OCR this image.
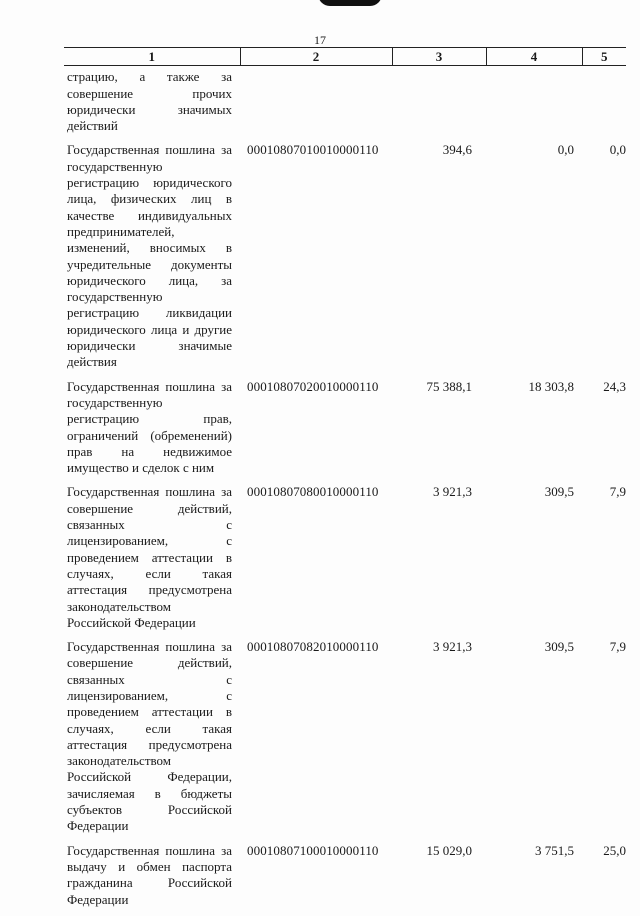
17
1	2	3	4	5
страцию, а также за совершение прочих юридически значимых действий				
Государственная пошлина за государственную регистрацию юридического лица, физических лиц в качестве индивидуальных предпринимателей, изменений, вносимых в учредительные документы юридического лица, за государственную регистрацию ликвидации юридического лица и другие юридически значимые действия	00010807010010000110	394,6	0,0	0,0
Государственная пошлина за государственную регистрацию прав, ограничений (обременений) прав на недвижимое имущество и сделок с ним	00010807020010000110	75 388,1	18 303,8	24,3
Государственная пошлина за совершение действий, связанных с лицензированием, с проведением аттестации в случаях, если такая аттестация предусмотрена законодательством Российской Федерации	00010807080010000110	3 921,3	309,5	7,9
Государственная пошлина за совершение действий, связанных с лицензированием, с проведением аттестации в случаях, если такая аттестация предусмотрена законодательством Российской Федерации, зачисляемая в бюджеты субъектов Российской Федерации	00010807082010000110	3 921,3	309,5	7,9
Государственная пошлина за выдачу и обмен паспорта гражданина Российской Федерации	00010807100010000110	15 029,0	3 751,5	25,0
